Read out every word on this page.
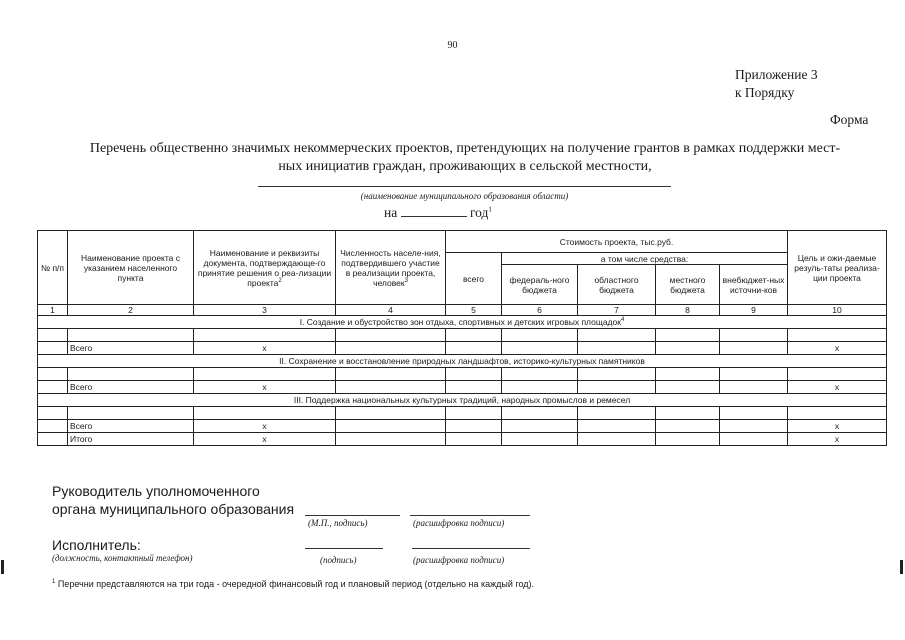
90
Приложение 3
к Порядку
Форма
Перечень общественно значимых некоммерческих проектов, претендующих на получение грантов в рамках поддержки мест-
ных инициатив граждан, проживающих в сельской местности,
(наименование муниципального образования области)
на	год$^1$
№ п/п	Наименование проекта с указанием населенного пункта	Наименование и реквизиты документа, подтверждающе-го принятие решения о реа-лизации проекта$^2$	Численность населе-ния, подтвердившего участие в реализации проекта, человек$^3$	Стоимость проекта, тыс.руб.					Цель и ожи-даемые резуль-таты реализа-ции проекта
				всего	а том числе средства:				
					федераль-ного бюджета	областного бюджета	местного бюджета	внебюджет-ных источни-ков	
1	2	3	4	5	6	7	8	9	10
I. Создание и обустройство зон отдыха, спортивных и детских игровых площадок$^4$

	Всего	х							х
II. Сохранение и восстановление природных ландшафтов, историко-культурных памятников									

	Всего	х							х
III. Поддержка национальных культурных традиций, народных промыслов и ремесел									

	Всего	х							х
	Итого	х							х
Руководитель уполномоченного
органа муниципального образования
(М.П., подпись)	(расшифровка подписи)
Исполнитель:
(должность, контактный телефон)	(подпись)	(расшифровка подписи)
$^1$ Перечни представляются на три года - очередной финансовый год и плановый период (отдельно на каждый год).
